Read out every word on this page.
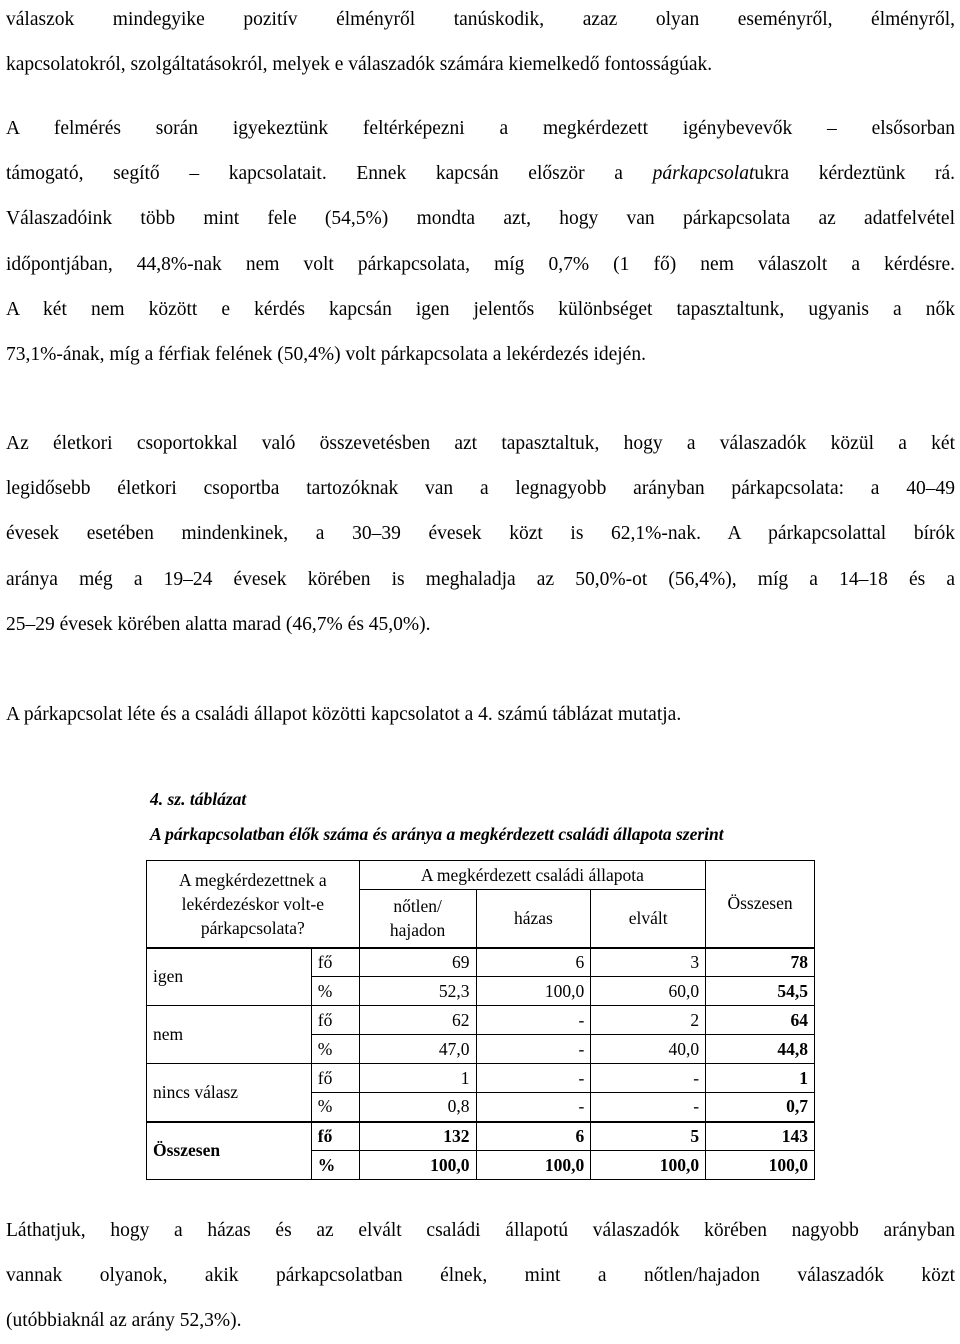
válaszok mindegyike pozitív élményről tanúskodik, azaz olyan eseményről, élményről,
kapcsolatokról, szolgáltatásokról, melyek e válaszadók számára kiemelkedő fontosságúak.
A felmérés során igyekeztünk feltérképezni a megkérdezett igénybevevők – elsősorban
támogató, segítő – kapcsolatait. Ennek kapcsán először a párkapcsolatukra kérdeztünk rá.
Válaszadóink több mint fele (54,5%) mondta azt, hogy van párkapcsolata az adatfelvétel
időpontjában, 44,8%-nak nem volt párkapcsolata, míg 0,7% (1 fő) nem válaszolt a kérdésre.
A két nem között e kérdés kapcsán igen jelentős különbséget tapasztaltunk, ugyanis a nők
73,1%-ának, míg a férfiak felének (50,4%) volt párkapcsolata a lekérdezés idején.
Az életkori csoportokkal való összevetésben azt tapasztaltuk, hogy a válaszadók közül a két
legidősebb életkori csoportba tartozóknak van a legnagyobb arányban párkapcsolata: a 40–49
évesek esetében mindenkinek, a 30–39 évesek közt is 62,1%-nak. A párkapcsolattal bírók
aránya még a 19–24 évesek körében is meghaladja az 50,0%-ot (56,4%), míg a 14–18 és a
25–29 évesek körében alatta marad (46,7% és 45,0%).
A párkapcsolat léte és a családi állapot közötti kapcsolatot a 4. számú táblázat mutatja.
4. sz. táblázat
A párkapcsolatban élők száma és aránya a megkérdezett családi állapota szerint
A megkérdezettnek a lekérdezéskor volt-e párkapcsolata?		A megkérdezett családi állapota			Összesen
		nőtlen/ hajadon	házas	elvált	
igen	fő	69	6	3	78
	%	52,3	100,0	60,0	54,5
nem	fő	62	-	2	64
	%	47,0	-	40,0	44,8
nincs válasz	fő	1	-	-	1
	%	0,8	-	-	0,7
Összesen	fő	132	6	5	143
	%	100,0	100,0	100,0	100,0
Láthatjuk, hogy a házas és az elvált családi állapotú válaszadók körében nagyobb arányban
vannak olyanok, akik párkapcsolatban élnek, mint a nőtlen/hajadon válaszadók közt
(utóbbiaknál az arány 52,3%).
